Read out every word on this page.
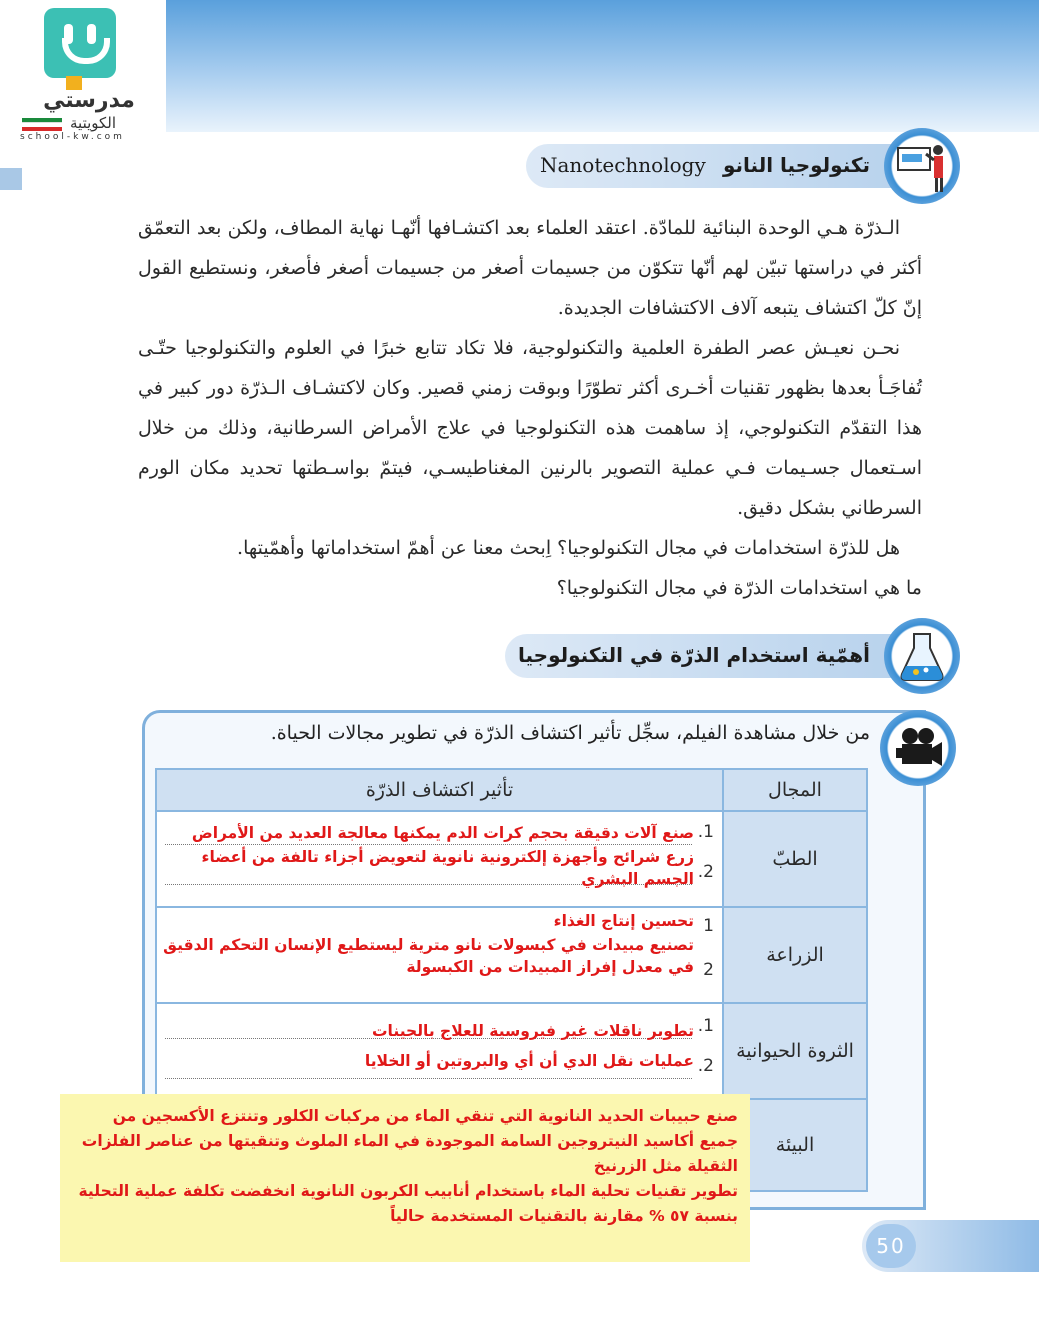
مدرستي
الكويتية
school-kw.com
تكنولوجيا النانو
Nanotechnology

الـذرّة هـي الوحدة البنائية للمادّة. اعتقد العلماء بعد اكتشـافها أنّهـا نهاية المطاف، ولكن بعد التعمّق أكثر في دراستها تبيّن لهم أنّها تتكوّن من جسيمات أصغر من جسيمات أصغر فأصغر، ونستطيع القول إنّ كلّ اكتشاف يتبعه آلاف الاكتشافات الجديدة.

نحـن نعيـش عصر الطفرة العلمية والتكنولوجية، فلا تكاد تتابع خبرًا في العلوم والتكنولوجيا حتّـى تُفاجَـأ بعدها بظهور تقنيات أخـرى أكثر تطوّرًا وبوقت زمني قصير. وكان لاكتشـاف الـذرّة دور كبير في هذا التقدّم التكنولوجي، إذ ساهمت هذه التكنولوجيا في علاج الأمراض السرطانية، وذلك من خلال اسـتعمال جسـيمات فـي عملية التصوير بالرنين المغناطيسـي، فيتمّ بواسـطتها تحديد مكان الورم السرطاني بشكل دقيق.

هل للذرّة استخدامات في مجال التكنولوجيا؟ اِبحث معنا عن أهمّ استخداماتها وأهمّيتها.

ما هي استخدامات الذرّة في مجال التكنولوجيا؟

أهمّية استخدام الذرّة في التكنولوجيا
من خلال مشاهدة الفيلم، سجِّل تأثير اكتشاف الذرّة في تطوير مجالات الحياة.
المجال	تأثير اكتشاف الذرّة
الطبّ	1.
صنع آلات دقيقة بحجم كرات الدم يمكنها معالجة العديد من الأمراض
2.
زرع شرائح وأجهزة إلكترونية نانوية لتعويض أجزاء تالفة من أعضاء الجسم البشري

الزراعة	1
تحسين إنتاج الغذاء
2
تصنيع مبيدات في كبسولات نانو مترية ليستطيع الإنسان التحكم الدقيق في معدل إفراز المبيدات من الكبسولة

الثروة الحيوانية	1.
تطوير ناقلات غير فيروسية للعلاج بالجينات
2.
عمليات نقل الدي أن أي والبروتين أو الخلايا

البيئة	
صنع حبيبات الحديد النانوية التي تنقي الماء من مركبات الكلور وتنتزع الأكسجين من جميع أكاسيد النيتروجين السامة الموجودة في الماء الملوث وتنقيتها من عناصر الفلزات الثقيلة مثل الزرنيخ
تطوير تقنيات تحلية الماء باستخدام أنابيب الكربون النانوية انخفضت تكلفة عملية التحلية بنسبة ٥٧ % مقارنة بالتقنيات المستخدمة حالياً
50
